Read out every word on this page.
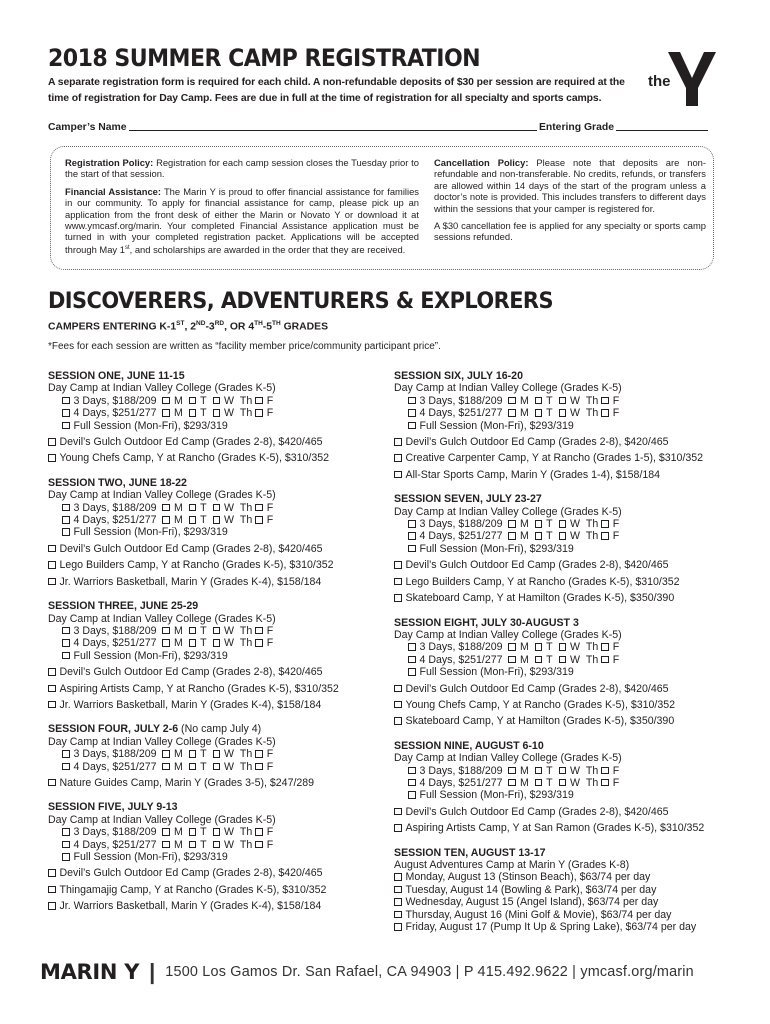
2018 SUMMER CAMP REGISTRATION
A separate registration form is required for each child. A non-refundable deposits of $30 per session are required at the time of registration for Day Camp. Fees are due in full at the time of registration for all specialty and sports camps.
Camper’s Name	Entering Grade
the

Registration Policy: Registration for each camp session closes the Tuesday prior to the start of that session.

Financial Assistance: The Marin Y is proud to offer financial assistance for families in our community. To apply for financial assistance for camp, please pick up an application from the front desk of either the Marin or Novato Y or download it at www.ymcasf.org/marin. Your completed Financial Assistance application must be turned in with your completed registration packet. Applications will be accepted through May 1st, and scholarships are awarded in the order that they are received.

Cancellation Policy: Please note that deposits are non-refundable and non-transferable. No credits, refunds, or transfers are allowed within 14 days of the start of the program unless a doctor’s note is provided. This includes transfers to different days within the sessions that your camper is registered for.

A $30 cancellation fee is applied for any specialty or sports camp sessions refunded.

DISCOVERERS, ADVENTURERS & EXPLORERS
CAMPERS ENTERING K-1ST, 2ND-3RD, OR 4TH-5TH GRADES
*Fees for each session are written as “facility member price/community participant price”.
SESSION ONE, JUNE 11-15
Day Camp at Indian Valley College (Grades K-5)
3 Days, $188/209 M T W Th F
4 Days, $251/277 M T W Th F
Full Session (Mon-Fri), $293/319
Devil’s Gulch Outdoor Ed Camp (Grades 2-8), $420/465
Young Chefs Camp, Y at Rancho (Grades K-5), $310/352
SESSION TWO, JUNE 18-22
Day Camp at Indian Valley College (Grades K-5)
3 Days, $188/209 M T W Th F
4 Days, $251/277 M T W Th F
Full Session (Mon-Fri), $293/319
Devil’s Gulch Outdoor Ed Camp (Grades 2-8), $420/465
Lego Builders Camp, Y at Rancho (Grades K-5), $310/352
Jr. Warriors Basketball, Marin Y (Grades K-4), $158/184
SESSION THREE, JUNE 25-29
Day Camp at Indian Valley College (Grades K-5)
3 Days, $188/209 M T W Th F
4 Days, $251/277 M T W Th F
Full Session (Mon-Fri), $293/319
Devil’s Gulch Outdoor Ed Camp (Grades 2-8), $420/465
Aspiring Artists Camp, Y at Rancho (Grades K-5), $310/352
Jr. Warriors Basketball, Marin Y (Grades K-4), $158/184
SESSION FOUR, JULY 2-6 (No camp July 4)
Day Camp at Indian Valley College (Grades K-5)
3 Days, $188/209 M T W Th F
4 Days, $251/277 M T W Th F
Nature Guides Camp, Marin Y (Grades 3-5), $247/289
SESSION FIVE, JULY 9-13
Day Camp at Indian Valley College (Grades K-5)
3 Days, $188/209 M T W Th F
4 Days, $251/277 M T W Th F
Full Session (Mon-Fri), $293/319
Devil’s Gulch Outdoor Ed Camp (Grades 2-8), $420/465
Thingamajig Camp, Y at Rancho (Grades K-5), $310/352
Jr. Warriors Basketball, Marin Y (Grades K-4), $158/184
SESSION SIX, JULY 16-20
Day Camp at Indian Valley College (Grades K-5)
3 Days, $188/209 M T W Th F
4 Days, $251/277 M T W Th F
Full Session (Mon-Fri), $293/319
Devil’s Gulch Outdoor Ed Camp (Grades 2-8), $420/465
Creative Carpenter Camp, Y at Rancho (Grades 1-5), $310/352
All-Star Sports Camp, Marin Y (Grades 1-4), $158/184
SESSION SEVEN, JULY 23-27
Day Camp at Indian Valley College (Grades K-5)
3 Days, $188/209 M T W Th F
4 Days, $251/277 M T W Th F
Full Session (Mon-Fri), $293/319
Devil’s Gulch Outdoor Ed Camp (Grades 2-8), $420/465
Lego Builders Camp, Y at Rancho (Grades K-5), $310/352
Skateboard Camp, Y at Hamilton (Grades K-5), $350/390
SESSION EIGHT, JULY 30-AUGUST 3
Day Camp at Indian Valley College (Grades K-5)
3 Days, $188/209 M T W Th F
4 Days, $251/277 M T W Th F
Full Session (Mon-Fri), $293/319
Devil’s Gulch Outdoor Ed Camp (Grades 2-8), $420/465
Young Chefs Camp, Y at Rancho (Grades K-5), $310/352
Skateboard Camp, Y at Hamilton (Grades K-5), $350/390
SESSION NINE, AUGUST 6-10
Day Camp at Indian Valley College (Grades K-5)
3 Days, $188/209 M T W Th F
4 Days, $251/277 M T W Th F
Full Session (Mon-Fri), $293/319
Devil’s Gulch Outdoor Ed Camp (Grades 2-8), $420/465
Aspiring Artists Camp, Y at San Ramon (Grades K-5), $310/352
SESSION TEN, AUGUST 13-17
August Adventures Camp at Marin Y (Grades K-8)
Monday, August 13 (Stinson Beach), $63/74 per day
Tuesday, August 14 (Bowling & Park), $63/74 per day
Wednesday, August 15 (Angel Island), $63/74 per day
Thursday, August 16 (Mini Golf & Movie), $63/74 per day
Friday, August 17 (Pump It Up & Spring Lake), $63/74 per day
MARIN Y | 1500 Los Gamos Dr. San Rafael, CA 94903 | P 415.492.9622 | ymcasf.org/marin
